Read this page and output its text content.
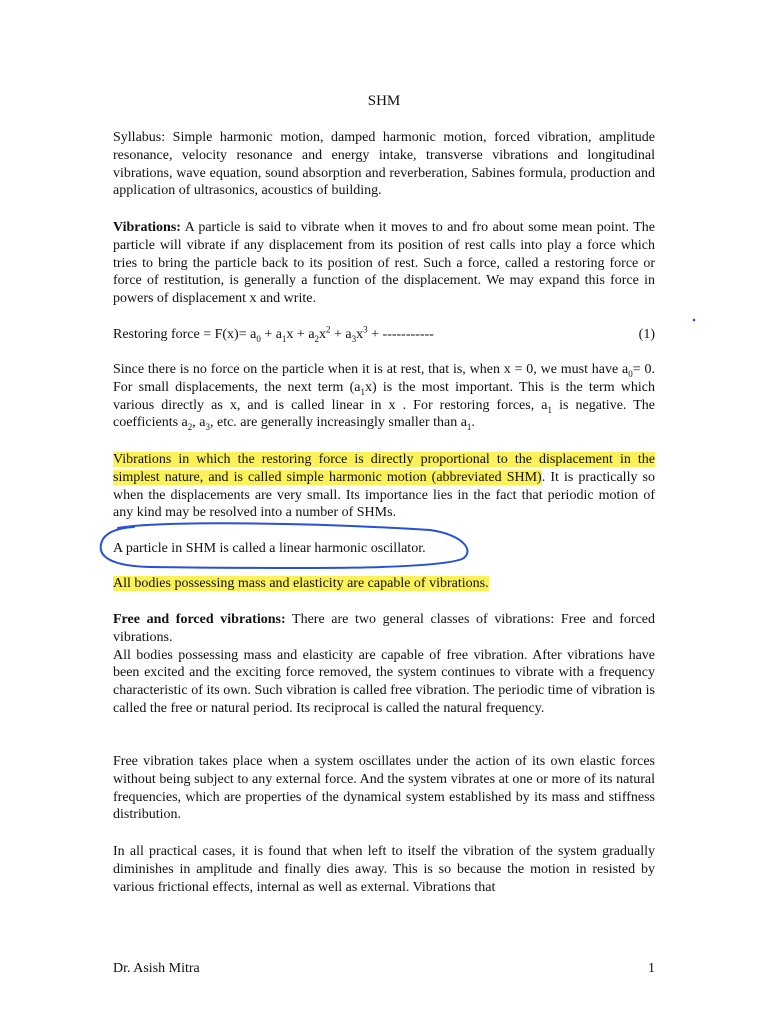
SHM
Syllabus: Simple harmonic motion, damped harmonic motion, forced vibration, amplitude resonance, velocity resonance and energy intake, transverse vibrations and longitudinal vibrations, wave equation, sound absorption and reverberation, Sabines formula, production and application of ultrasonics, acoustics of building.
Vibrations: A particle is said to vibrate when it moves to and fro about some mean point. The particle will vibrate if any displacement from its position of rest calls into play a force which tries to bring the particle back to its position of rest. Such a force, called a restoring force or force of restitution, is generally a function of the displacement. We may expand this force in powers of displacement x and write.
Restoring force = $F(x)= a_0 + a_1x + a_2x^2 + a_3x^3$ + -----------	(1)
Since there is no force on the particle when it is at rest, that is, when x = 0, we must have $a_0= 0$. For small displacements, the next term $(a_1x)$ is the most important. This is the term which various directly as x, and is called linear in x . For restoring forces, $a_1$ is negative. The coefficients $a_2$, $a_3$, etc. are generally increasingly smaller than $a_1$.
Vibrations in which the restoring force is directly proportional to the displacement in the simplest nature, and is called simple harmonic motion (abbreviated SHM). It is practically so when the displacements are very small. Its importance lies in the fact that periodic motion of any kind may be resolved into a number of SHMs.
A particle in SHM is called a linear harmonic oscillator.
All bodies possessing mass and elasticity are capable of vibrations.
Free and forced vibrations: There are two general classes of vibrations: Free and forced vibrations.
All bodies possessing mass and elasticity are capable of free vibration. After vibrations have been excited and the exciting force removed, the system continues to vibrate with a frequency characteristic of its own. Such vibration is called free vibration. The periodic time of vibration is called the free or natural period. Its reciprocal is called the natural frequency.
Free vibration takes place when a system oscillates under the action of its own elastic forces without being subject to any external force. And the system vibrates at one or more of its natural frequencies, which are properties of the dynamical system established by its mass and stiffness distribution.
In all practical cases, it is found that when left to itself the vibration of the system gradually diminishes in amplitude and finally dies away. This is so because the motion in resisted by various frictional effects, internal as well as external. Vibrations that
Dr. Asish Mitra	1
